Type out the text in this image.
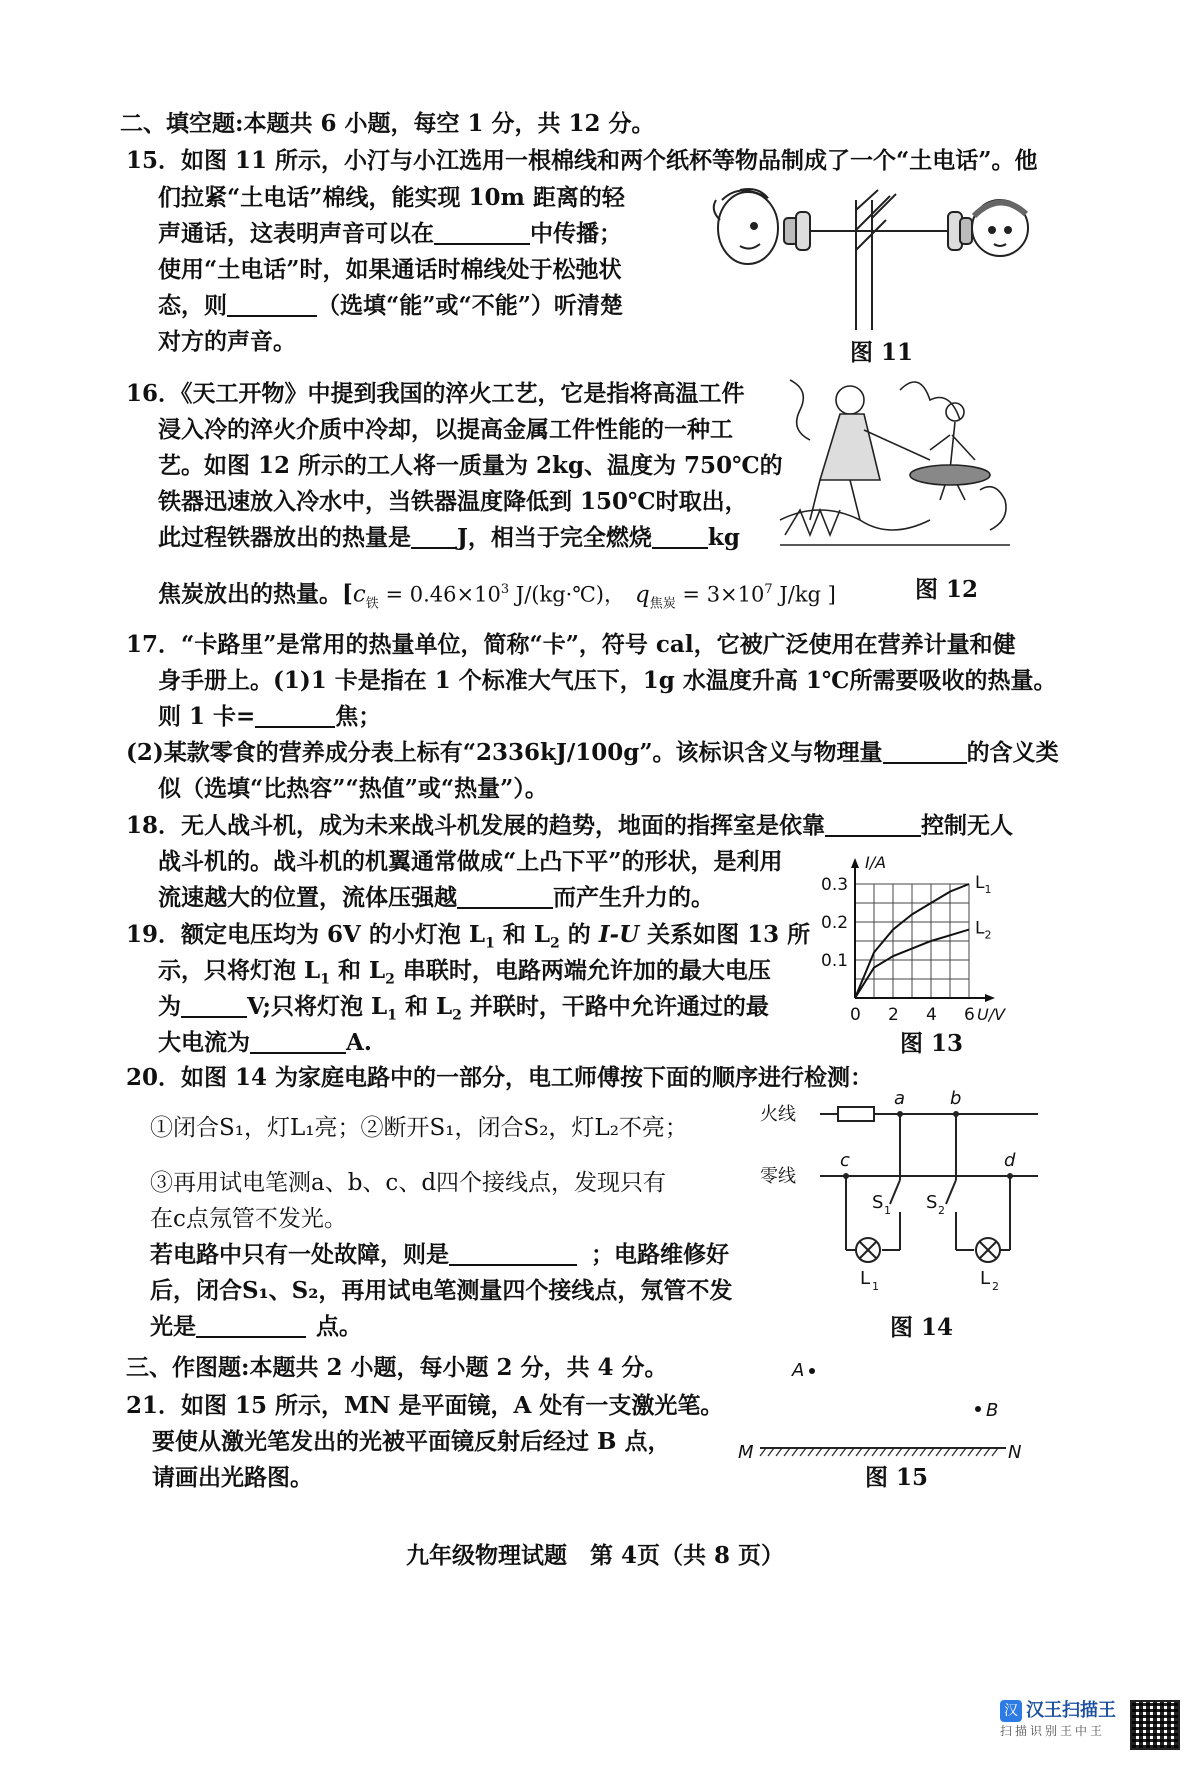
二、填空题:本题共 6 小题，每空 1 分，共 12 分。
15．如图 11 所示，小汀与小江选用一根棉线和两个纸杯等物品制成了一个“土电话”。他
们拉紧“土电话”棉线，能实现 10m 距离的轻
声通话，这表明声音可以在	中传播；
使用“土电话”时，如果通话时棉线处于松弛状
态，则	（选填“能”或“不能”）听清楚
对方的声音。	图 11
16．《天工开物》中提到我国的淬火工艺，它是指将高温工件
浸入冷的淬火介质中冷却，以提高金属工件性能的一种工
艺。如图 12 所示的工人将一质量为 2kg、温度为 750℃的
铁器迅速放入冷水中，当铁器温度降低到 150℃时取出，
此过程铁器放出的热量是 J，相当于完全燃烧 kg
焦炭放出的热量。[$c_铁 = 0.46\times 10^3$ J/(kg·℃)， $q_{焦炭} = 3\times 10^7$ J/kg ]	图 12
17．“卡路里”是常用的热量单位，简称“卡”，符号 cal，它被广泛使用在营养计量和健
身手册上。(1)1 卡是指在 1 个标准大气压下，1g 水温度升高 1℃所需要吸收的热量。
则 1 卡=	焦；
(2)某款零食的营养成分表上标有“2336kJ/100g”。该标识含义与物理量	的含义类
似（选填“比热容”“热值”或“热量”）。
18．无人战斗机，成为未来战斗机发展的趋势，地面的指挥室是依靠	控制无人
战斗机的。战斗机的机翼通常做成“上凸下平”的形状，是利用
流速越大的位置，流体压强越	而产生升力的。
19．额定电压均为 6V 的小灯泡 $L_1$ 和 $L_2$ 的 I-U 关系如图 13 所
示，只将灯泡 $L_1$ 和 $L_2$ 串联时，电路两端允许加的最大电压
为	V;只将灯泡 $L_1$ 和 $L_2$ 并联时，干路中允许通过的最
大电流为	A.
0 2 4 6
0.1
0.2
0.3
I/A
U/V
$L_1$
$L_2$
图 13
20．如图 14 为家庭电路中的一部分，电工师傅按下面的顺序进行检测：
①闭合S₁，灯L₁亮；②断开S₁，闭合S₂，灯L₂不亮；
③再用试电笔测a、b、c、d四个接线点，发现只有
在c点氖管不发光。
若电路中只有一处故障，则是	；电路维修好
后，闭合S₁、S₂，再用试电笔测量四个接线点，氖管不发
光是	点。
火线
零线
a b
c	d
S 1 S 2
L 1	L 2
图 14
三、作图题:本题共 2 小题，每小题 2 分，共 4 分。
21．如图 15 所示，MN 是平面镜，A 处有一支激光笔。
要使从激光笔发出的光被平面镜反射后经过 B 点，
请画出光路图。
A
B
M	N
图 15
九年级物理试题　第 4页（共 8 页）
汉 汉王扫描王
扫描识别王中王
